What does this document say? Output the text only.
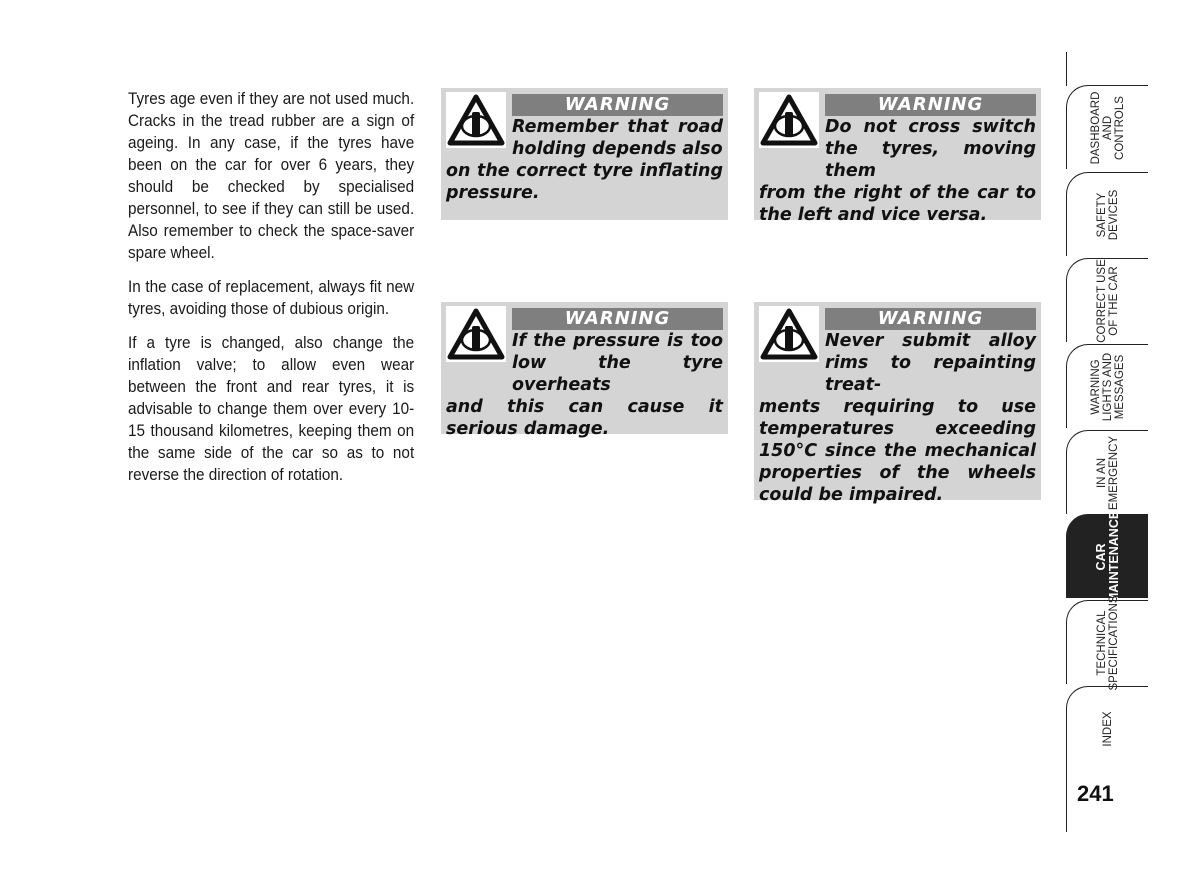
Tyres age even if they are not used much. Cracks in the tread rubber are a sign of ageing. In any case, if the tyres have been on the car for over 6 years, they should be checked by specialised personnel, to see if they can still be used. Also remember to check the space-saver spare wheel.

In the case of replacement, always fit new tyres, avoiding those of dubious origin.

If a tyre is changed, also change the inflation valve; to allow even wear between the front and rear tyres, it is advisable to change them over every 10-15 thousand kilometres, keeping them on the same side of the car so as to not reverse the direction of rotation.

WARNING
Remember that road holding depends also
on the correct tyre inflating pressure.
WARNING
Do not cross switch the tyres, moving them
from the right of the car to the left and vice versa.
WARNING
If the pressure is too low the tyre overheats
and this can cause it serious damage.
WARNING
Never submit alloy rims to repainting treat-
ments requiring to use temperatures exceeding 150°C since the mechanical properties of the wheels could be impaired.
DASHBOARD
AND
CONTROLS
SAFETY
DEVICES
CORRECT USE
OF THE CAR
WARNING
LIGHTS AND
MESSAGES
IN AN
EMERGENCY
CAR
MAINTENANCE
TECHNICAL
SPECIFICATIONS
INDEX
241
